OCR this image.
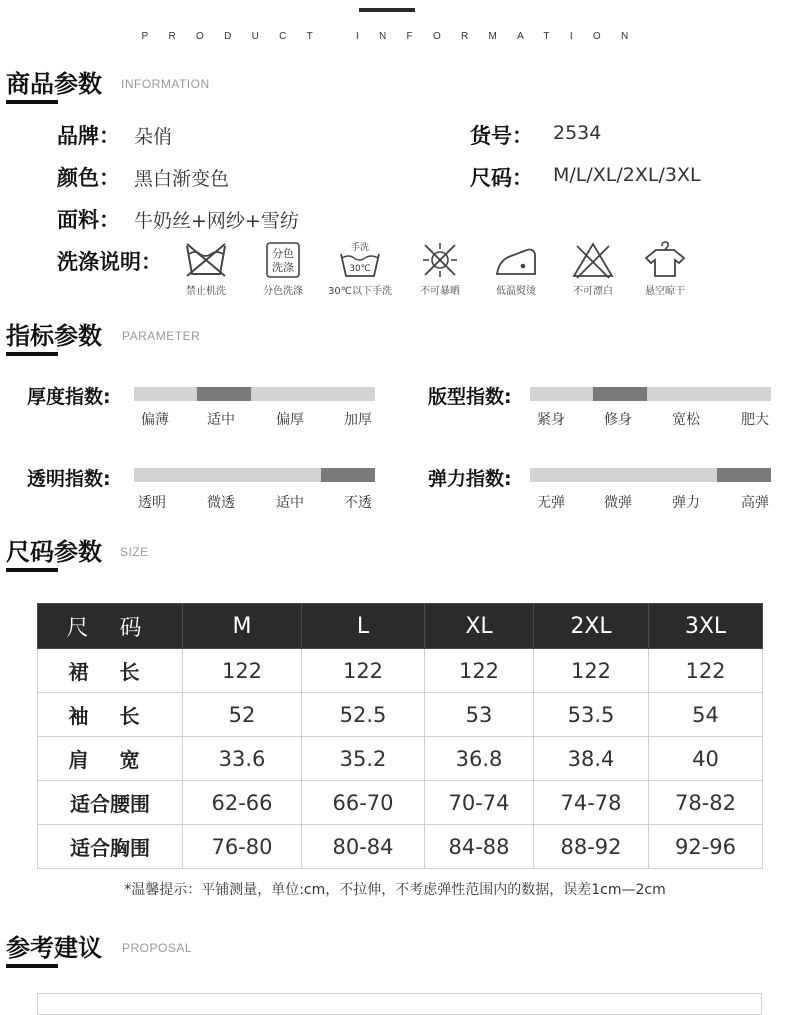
PRODUCT INFORMATION
商品参数 INFORMATION
品牌： 朵俏	货号： 2534
颜色： 黑白渐变色	尺码： M/L/XL/2XL/3XL
面料： 牛奶丝+网纱+雪纺
洗涤说明：
禁止机洗
分色
洗涤
分色洗涤
手洗
30℃
30℃以下手洗	不可暴晒	低温熨烫	不可漂白	悬空晾干
指标参数 PARAMETER
厚度指数:
偏薄	适中	偏厚	加厚
版型指数:
紧身	修身	宽松	肥大
透明指数:
透明	微透	适中	不透
弹力指数:
无弹	微弹	弹力	高弹
尺码参数 SIZE
尺 码	M	L	XL	2XL	3XL
裙 长	122	122	122	122	122
袖 长	52	52.5	53	53.5	54
肩 宽	33.6	35.2	36.8	38.4	40
适合腰围	62-66	66-70	70-74	74-78	78-82
适合胸围	76-80	80-84	84-88	88-92	92-96
*温馨提示：平铺测量，单位:cm，不拉伸，不考虑弹性范围内的数据，误差1cm—2cm
参考建议 PROPOSAL
